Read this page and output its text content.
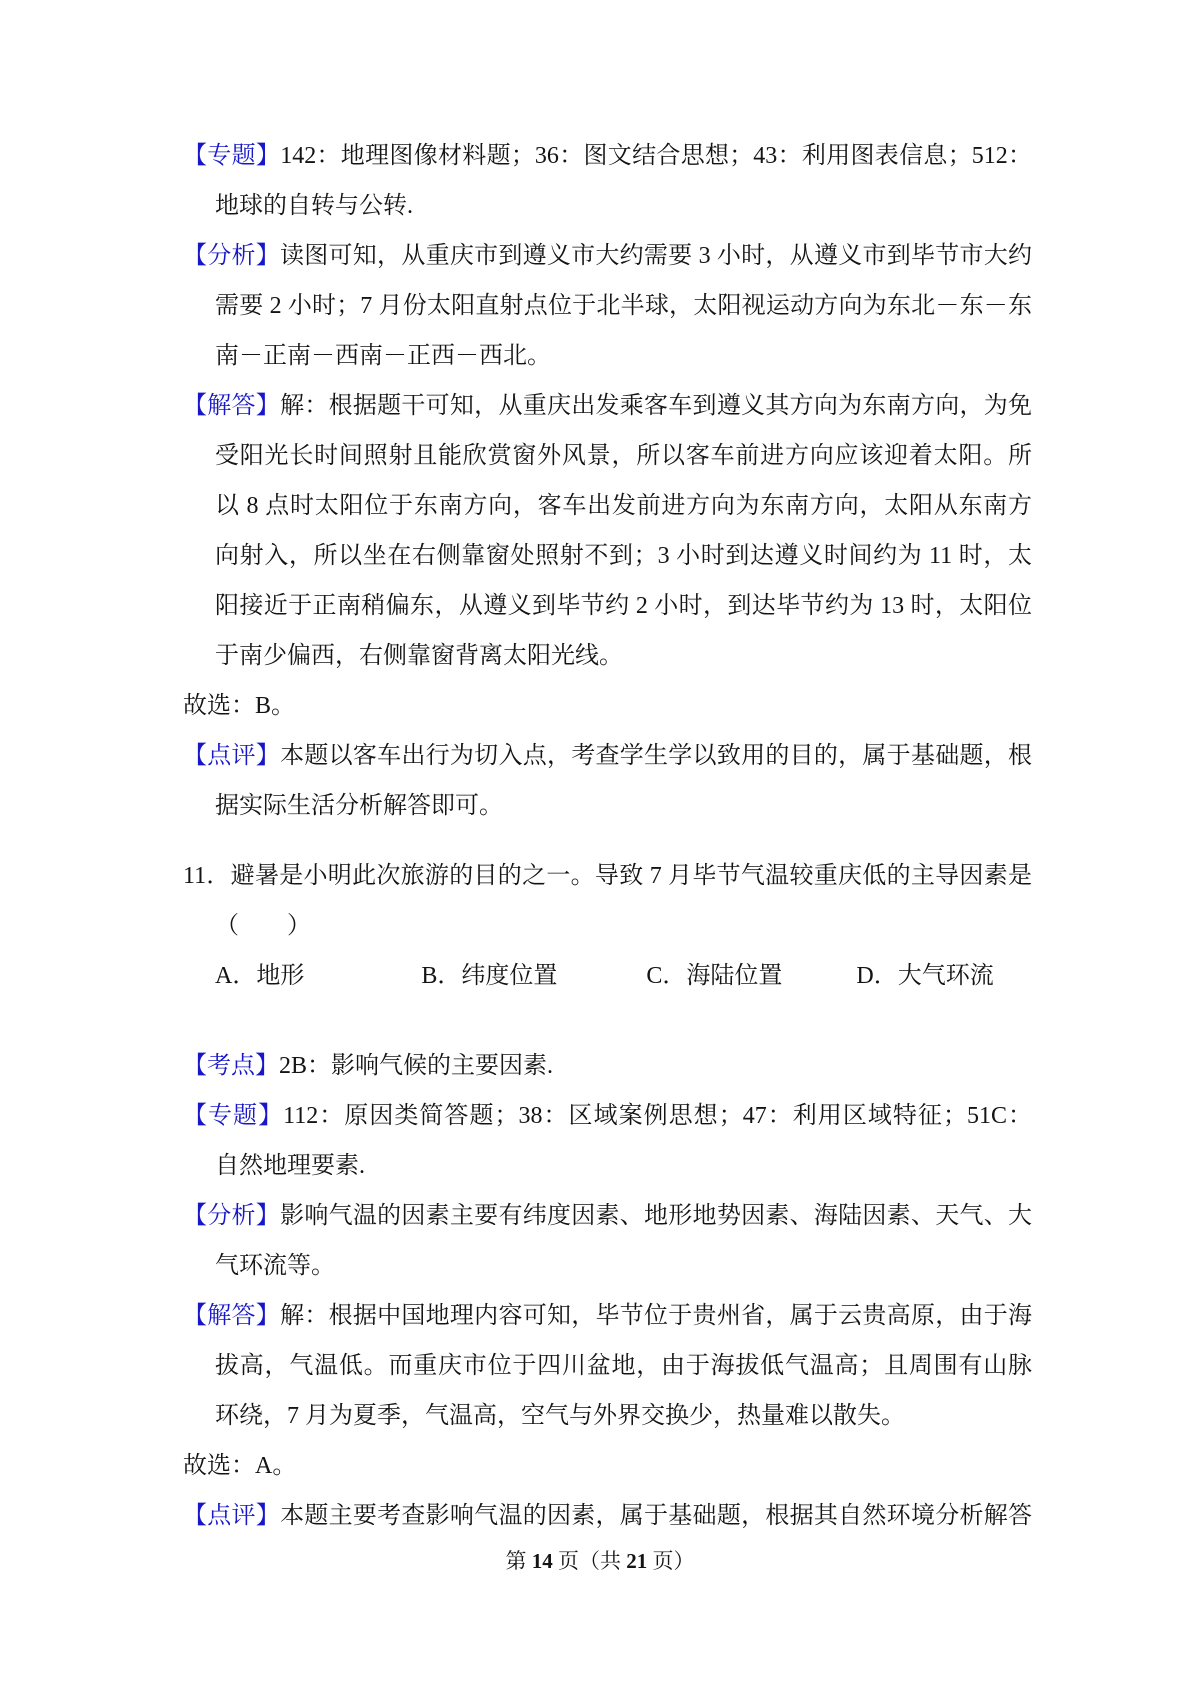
【专题】142：地理图像材料题；36：图文结合思想；43：利用图表信息；512：
地球的自转与公转.
【分析】读图可知，从重庆市到遵义市大约需要 3 小时，从遵义市到毕节市大约
需要 2 小时；7 月份太阳直射点位于北半球，太阳视运动方向为东北－东－东
南－正南－西南－正西－西北。
【解答】解：根据题干可知，从重庆出发乘客车到遵义其方向为东南方向，为免
受阳光长时间照射且能欣赏窗外风景，所以客车前进方向应该迎着太阳。所
以 8 点时太阳位于东南方向，客车出发前进方向为东南方向，太阳从东南方
向射入，所以坐在右侧靠窗处照射不到；3 小时到达遵义时间约为 11 时，太
阳接近于正南稍偏东，从遵义到毕节约 2 小时，到达毕节约为 13 时，太阳位
于南少偏西，右侧靠窗背离太阳光线。
故选：B。
【点评】本题以客车出行为切入点，考查学生学以致用的目的，属于基础题，根
据实际生活分析解答即可。
11．避暑是小明此次旅游的目的之一。导致 7 月毕节气温较重庆低的主导因素是
（　　）
A．地形	B．纬度位置	C．海陆位置	D．大气环流
【考点】2B：影响气候的主要因素.
【专题】112：原因类简答题；38：区域案例思想；47：利用区域特征；51C：
自然地理要素.
【分析】影响气温的因素主要有纬度因素、地形地势因素、海陆因素、天气、大
气环流等。
【解答】解：根据中国地理内容可知，毕节位于贵州省，属于云贵高原，由于海
拔高，气温低。而重庆市位于四川盆地，由于海拔低气温高；且周围有山脉
环绕，7 月为夏季，气温高，空气与外界交换少，热量难以散失。
故选：A。
【点评】本题主要考查影响气温的因素，属于基础题，根据其自然环境分析解答
第 14 页（共 21 页）
